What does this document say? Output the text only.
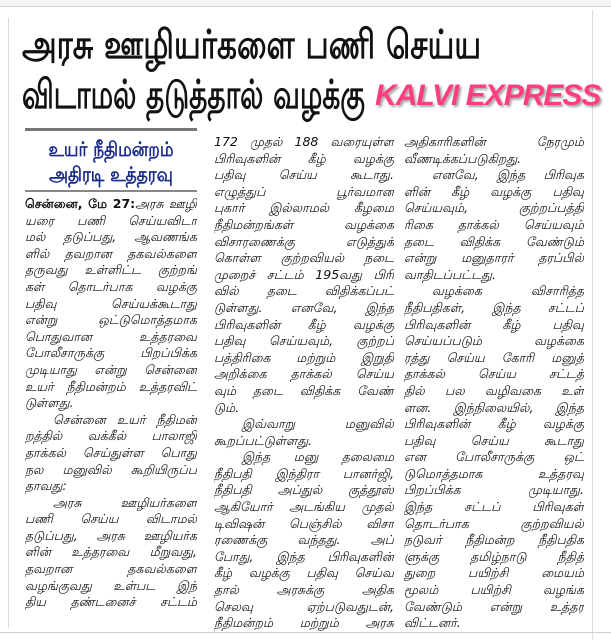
அரசு ஊழியர்களை பணி செய்ய
விடாமல் தடுத்தால் வழக்கு KALVI EXPRESS
உயர் நீதிமன்றம்
அதிரடி உத்தரவு
சென்னை, மே 27:அரசு ஊழி
யரை பணி செய்யவிடா
மல் தடுப்பது, ஆவணங்க
ளில் தவறான தகவல்களை
தருவது உள்ளிட்ட குற்றங்
கள் தொடர்பாக வழக்கு
பதிவு செய்யக்கூடாது
என்று ஒட்டுமொத்தமாக
பொதுவான உத்தரவை
போலீசாருக்கு பிறப்பிக்க
முடியாது என்று சென்னை
உயர் நீதிமன்றம் உத்தரவிட்
டுள்ளது.
சென்னை உயர் நீதிமன்
றத்தில் வக்கீல் பாலாஜி
தாக்கல் செய்துள்ள பொது
நல மனுவில் கூறியிருப்ப
தாவது:
அரசு ஊழியர்களை
பணி செய்ய விடாமல்
தடுப்பது, அரசு ஊழியர்க
ளின் உத்தரவை மீறுவது,
தவறான தகவல்களை
வழங்குவது உள்பட இந்
திய தண்டனைச் சட்டம்
172 முதல் 188 வரையுள்ள
பிரிவுகளின் கீழ் வழக்கு
பதிவு செய்ய கூடாது.
எழுத்துப் பூர்வமான
புகார் இல்லாமல் கீழமை
நீதிமன்றங்கள் வழக்கை
விசாரணைக்கு எடுத்துக்
கொள்ள குற்றவியல் நடை
முறைச் சட்டம் 195வது பிரி
வில் தடை விதிக்கப்பட்
டுள்ளது. எனவே, இந்த
பிரிவுகளின் கீழ் வழக்கு
பதிவு செய்யவும், குற்றப்
பத்திரிகை மற்றும் இறுதி
அறிக்கை தாக்கல் செய்ய
வும் தடை விதிக்க வேண்
டும்.
இவ்வாறு மனுவில்
கூறப்பட்டுள்ளது.
இந்த மனு தலைமை
நீதிபதி இந்திரா பானர்ஜி,
நீதிபதி அப்துல் குத்தூஸ்
ஆகியோர் அடங்கிய முதல்
டிவிஷன் பெஞ்சில் விசா
ரணைக்கு வந்தது. அப்
போது, இந்த பிரிவுகளின்
கீழ் வழக்கு பதிவு செய்வ
தால் அரசுக்கு அதிக
செலவு ஏற்படுவதுடன்,
நீதிமன்றம் மற்றும் அரசு
அதிகாரிகளின் நேரமும்
வீணடிக்கப்படுகிறது.
எனவே, இந்த பிரிவுக
ளின் கீழ் வழக்கு பதிவு
செய்யவும், குற்றப்பத்தி
ரிகை தாக்கல் செய்யவும்
தடை விதிக்க வேண்டும்
என்று மனுதாரர் தரப்பில்
வாதிடப்பட்டது.
வழக்கை விசாரித்த
நீதிபதிகள், இந்த சட்டப்
பிரிவுகளின் கீழ் பதிவு
செய்யப்படும் வழக்கை
ரத்து செய்ய கோரி மனுத்
தாக்கல் செய்ய சட்டத்
தில் பல வழிவகை உள்
ளன. இந்நிலையில், இந்த
பிரிவுகளின் கீழ் வழக்கு
பதிவு செய்ய கூடாது
என போலீசாருக்கு ஒட்
டுமொத்தமாக உத்தரவு
பிறப்பிக்க முடியாது.
இந்த சட்டப் பிரிவுகள்
தொடர்பாக குற்றவியல்
நடுவர் நீதிமன்ற நீதிபதிக
ளுக்கு தமிழ்நாடு நீதித்
துறை பயிற்சி மையம்
மூலம் பயிற்சி வழங்க
வேண்டும் என்று உத்தர
விட்டனர்.
